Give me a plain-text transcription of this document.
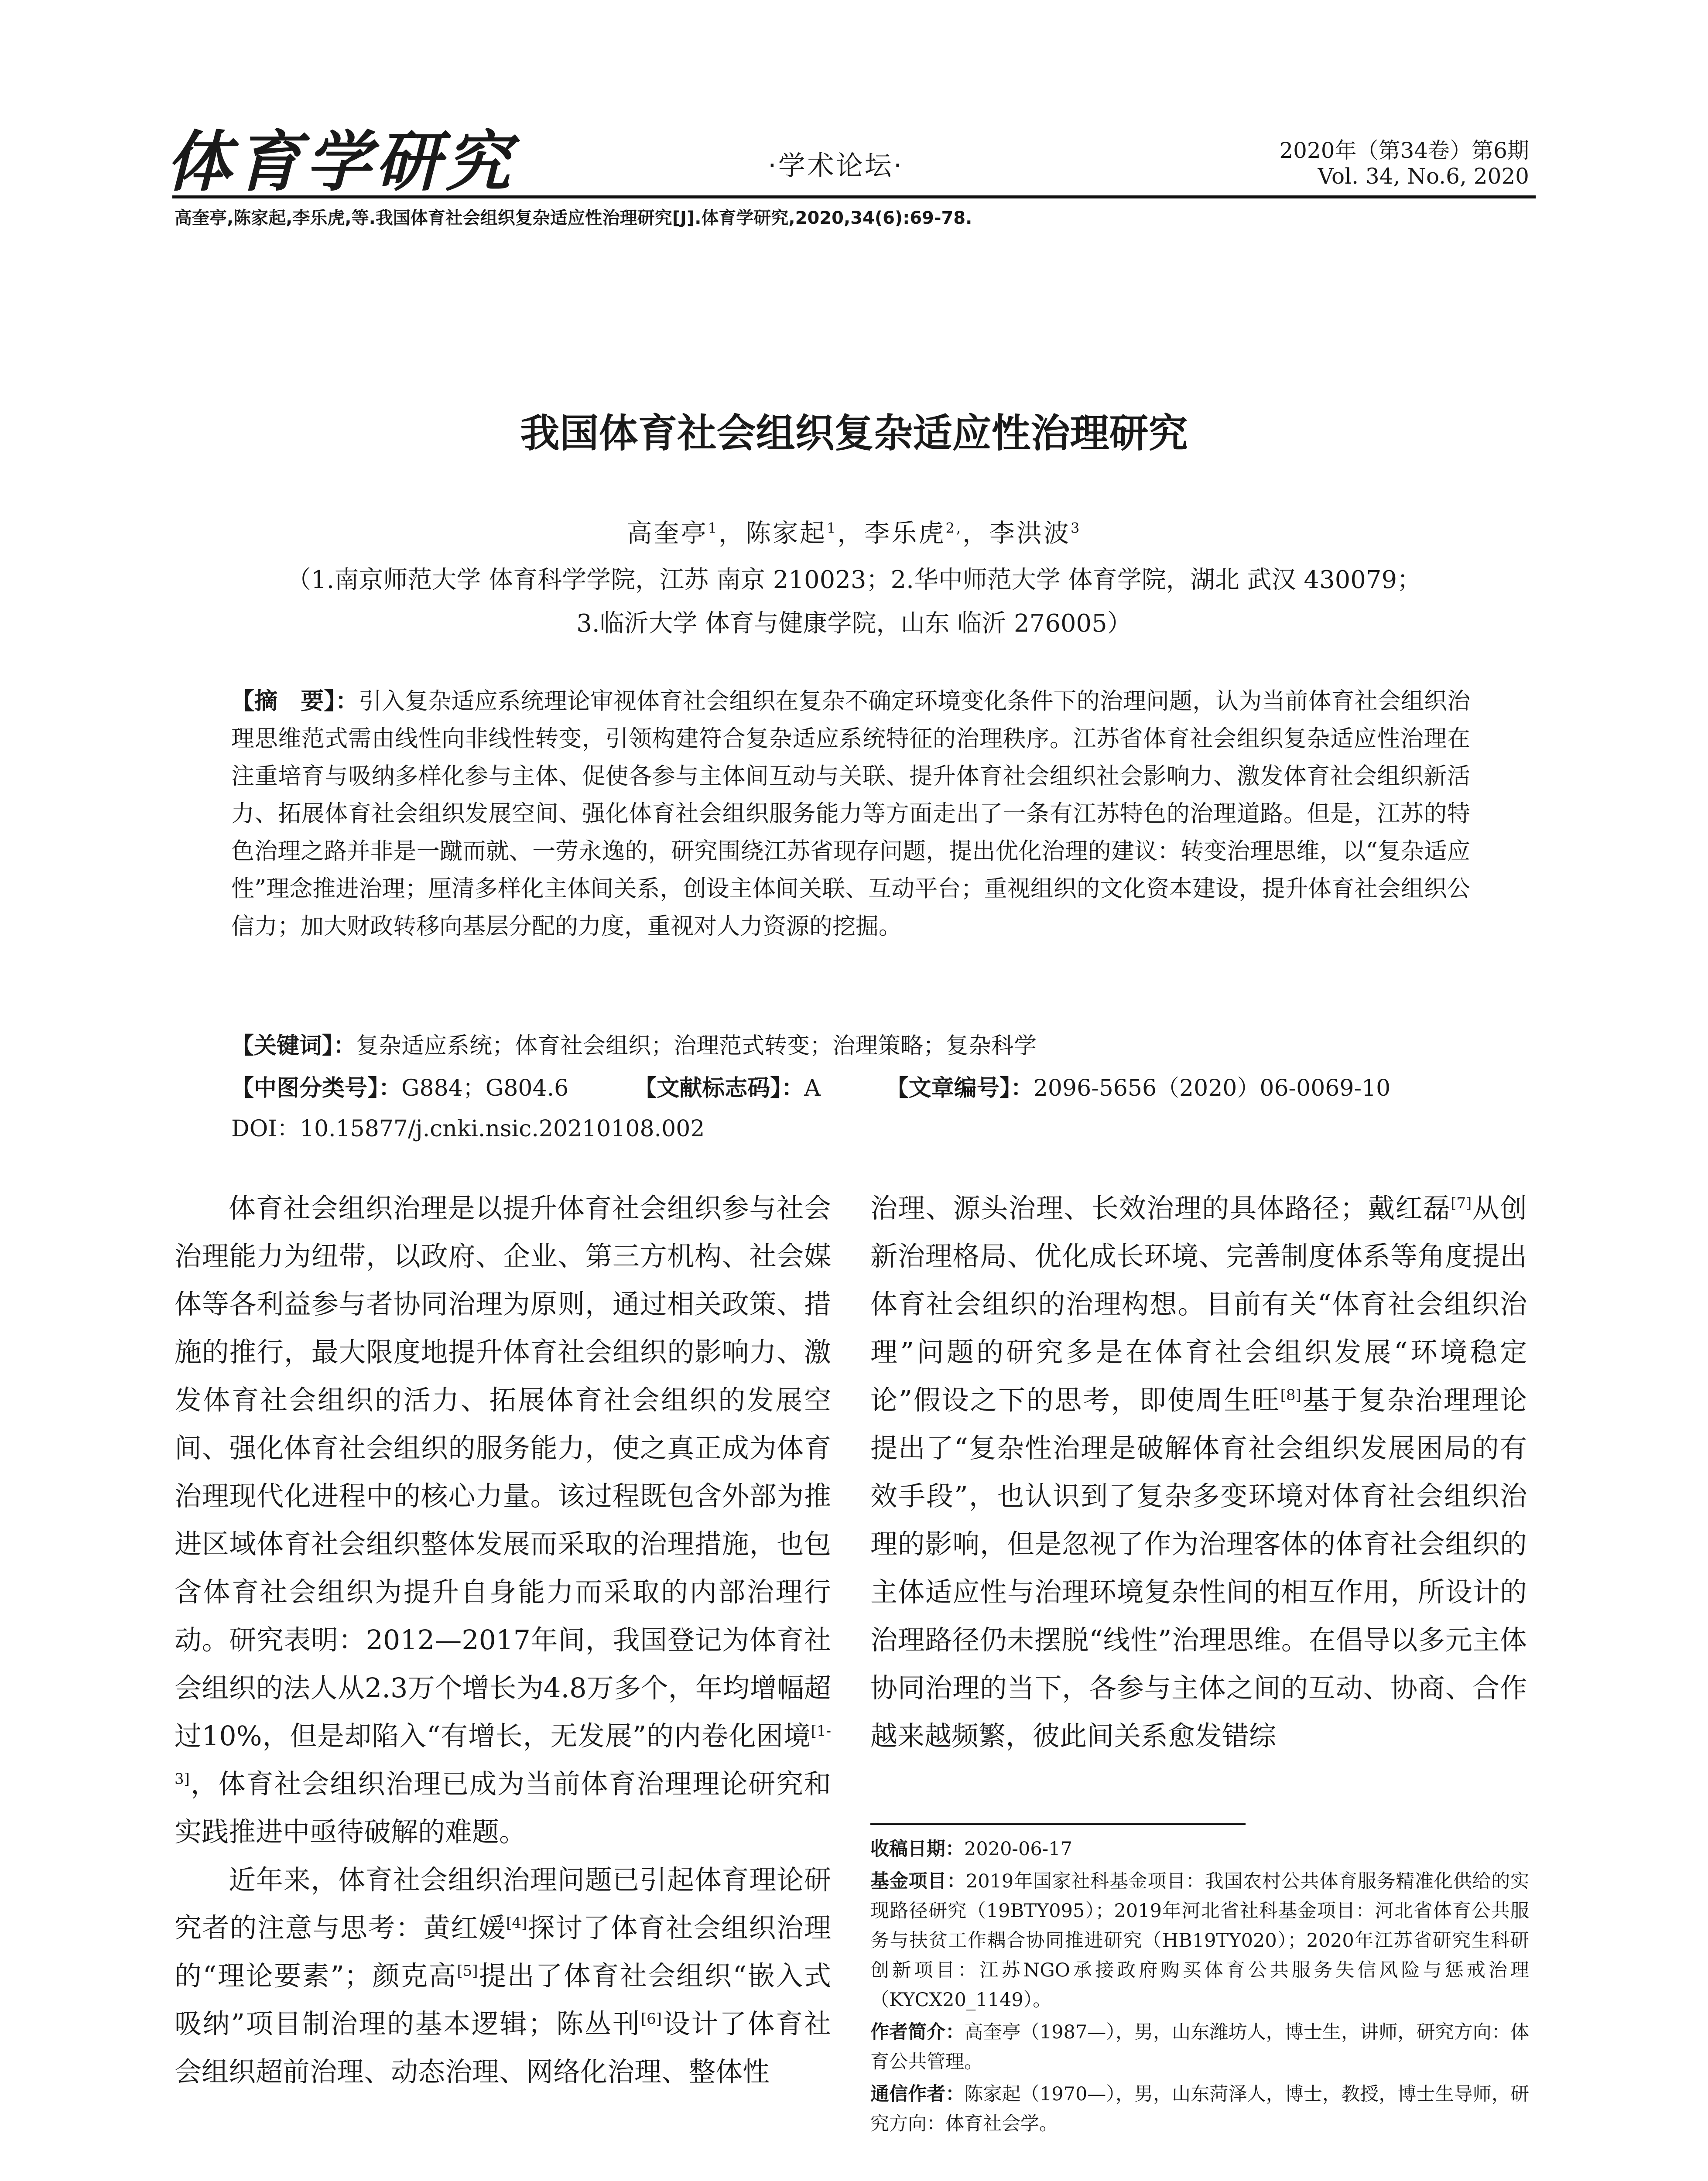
体育学研究	·学术论坛·	2020年（第34卷）第6期
Vol. 34, No.6, 2020
高奎亭,陈家起,李乐虎,等.我国体育社会组织复杂适应性治理研究[J].体育学研究,2020,34(6):69-78.
我国体育社会组织复杂适应性治理研究
高奎亭$^1$，陈家起$^1$，李乐虎$^{2,}$，李洪波$^3$
（1.南京师范大学 体育科学学院，江苏 南京 210023；2.华中师范大学 体育学院，湖北 武汉 430079；
3.临沂大学 体育与健康学院，山东 临沂 276005）

【摘　要】：引入复杂适应系统理论审视体育社会组织在复杂不确定环境变化条件下的治理问题，认为当前体育社会组织治理思维范式需由线性向非线性转变，引领构建符合复杂适应系统特征的治理秩序。江苏省体育社会组织复杂适应性治理在注重培育与吸纳多样化参与主体、促使各参与主体间互动与关联、提升体育社会组织社会影响力、激发体育社会组织新活力、拓展体育社会组织发展空间、强化体育社会组织服务能力等方面走出了一条有江苏特色的治理道路。但是，江苏的特色治理之路并非是一蹴而就、一劳永逸的，研究围绕江苏省现存问题，提出优化治理的建议：转变治理思维，以“复杂适应性”理念推进治理；厘清多样化主体间关系，创设主体间关联、互动平台；重视组织的文化资本建设，提升体育社会组织公信力；加大财政转移向基层分配的力度，重视对人力资源的挖掘。

【关键词】：复杂适应系统；体育社会组织；治理范式转变；治理策略；复杂科学
【中图分类号】：G884；G804.6	【文献标志码】：A	【文章编号】：2096-5656（2020）06-0069-10
DOI：10.15877/j.cnki.nsic.20210108.002

体育社会组织治理是以提升体育社会组织参与社会治理能力为纽带，以政府、企业、第三方机构、社会媒体等各利益参与者协同治理为原则，通过相关政策、措施的推行，最大限度地提升体育社会组织的影响力、激发体育社会组织的活力、拓展体育社会组织的发展空间、强化体育社会组织的服务能力，使之真正成为体育治理现代化进程中的核心力量。该过程既包含外部为推进区域体育社会组织整体发展而采取的治理措施，也包含体育社会组织为提升自身能力而采取的内部治理行动。研究表明：2012—2017年间，我国登记为体育社会组织的法人从2.3万个增长为4.8万多个，年均增幅超过10%，但是却陷入“有增长，无发展”的内卷化困境[1-3]，体育社会组织治理已成为当前体育治理理论研究和实践推进中亟待破解的难题。

近年来，体育社会组织治理问题已引起体育理论研究者的注意与思考：黄红媛[4]探讨了体育社会组织治理的“理论要素”；颜克高[5]提出了体育社会组织“嵌入式吸纳”项目制治理的基本逻辑；陈丛刊[6]设计了体育社会组织超前治理、动态治理、网络化治理、整体性

治理、源头治理、长效治理的具体路径；戴红磊[7]从创新治理格局、优化成长环境、完善制度体系等角度提出体育社会组织的治理构想。目前有关“体育社会组织治理”问题的研究多是在体育社会组织发展“环境稳定论”假设之下的思考，即使周生旺[8]基于复杂治理理论提出了“复杂性治理是破解体育社会组织发展困局的有效手段”，也认识到了复杂多变环境对体育社会组织治理的影响，但是忽视了作为治理客体的体育社会组织的主体适应性与治理环境复杂性间的相互作用，所设计的治理路径仍未摆脱“线性”治理思维。在倡导以多元主体协同治理的当下，各参与主体之间的互动、协商、合作越来越频繁，彼此间关系愈发错综

收稿日期：2020-06-17

基金项目：2019年国家社科基金项目：我国农村公共体育服务精准化供给的实现路径研究（19BTY095）；2019年河北省社科基金项目：河北省体育公共服务与扶贫工作耦合协同推进研究（HB19TY020）；2020年江苏省研究生科研创新项目：江苏NGO承接政府购买体育公共服务失信风险与惩戒治理（KYCX20_1149）。

作者简介：高奎亭（1987—），男，山东潍坊人，博士生，讲师，研究方向：体育公共管理。

通信作者：陈家起（1970—），男，山东菏泽人，博士，教授，博士生导师，研究方向：体育社会学。
